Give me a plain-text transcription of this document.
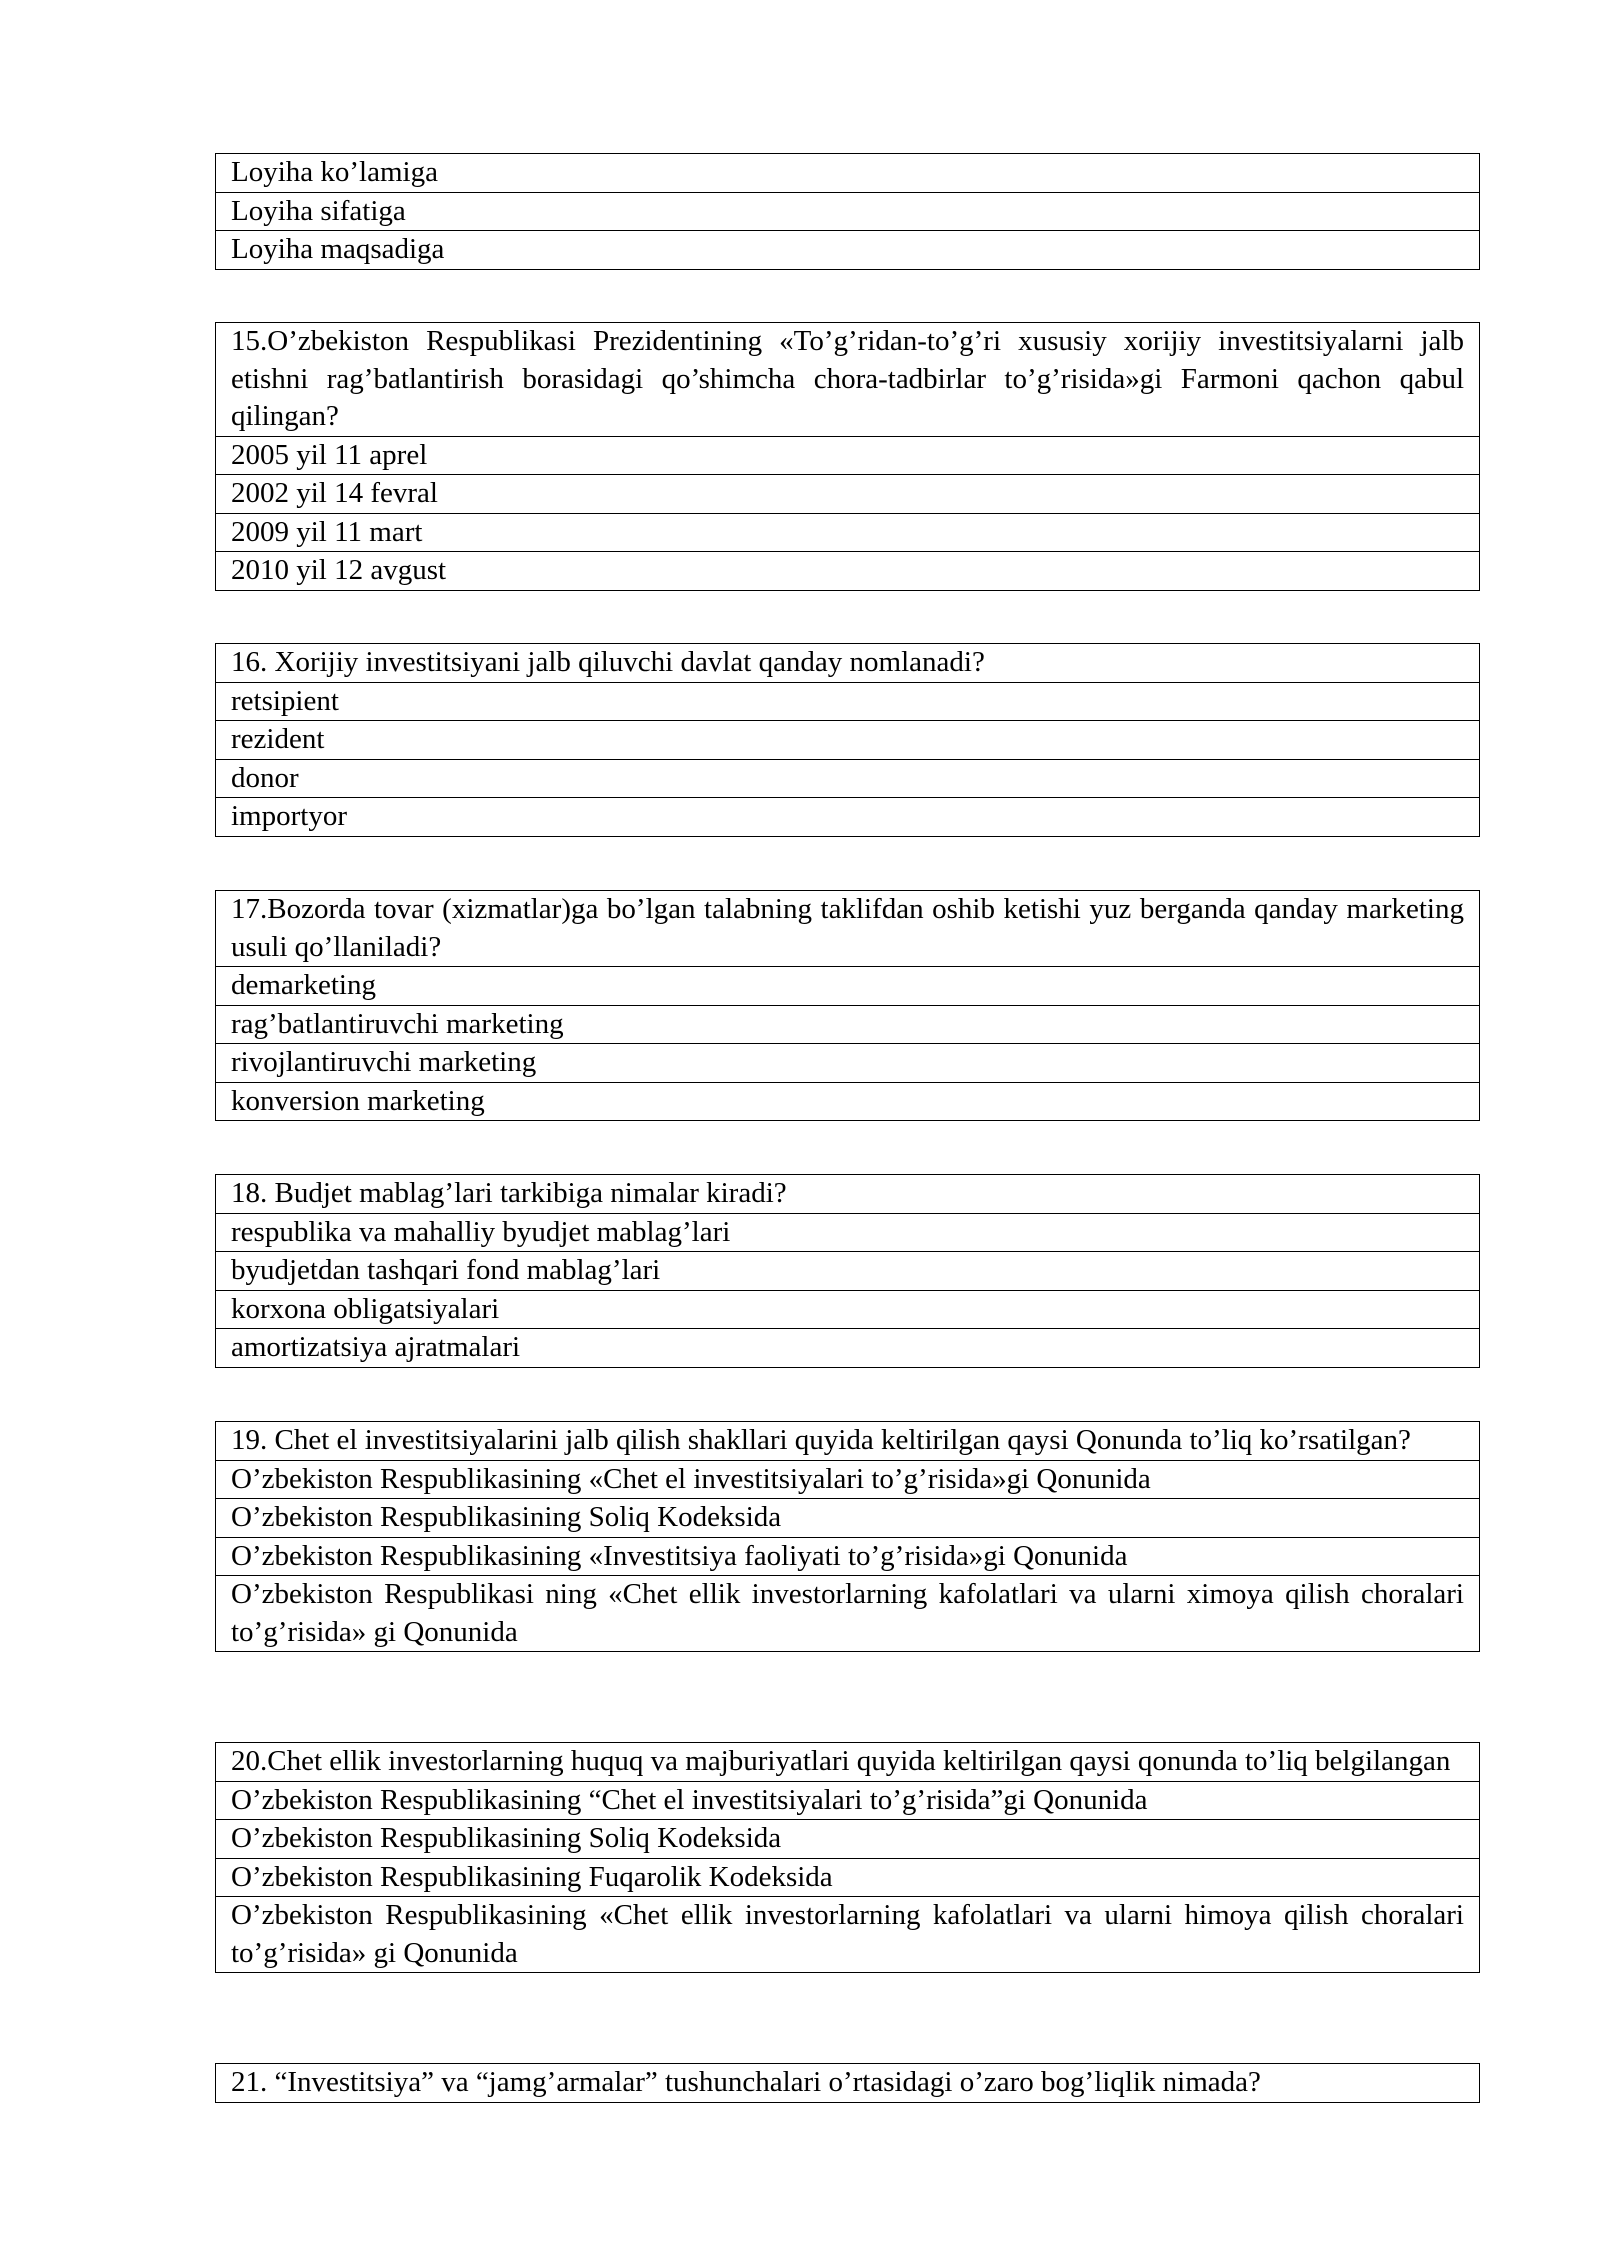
Loyiha ko’lamiga
Loyiha sifatiga
Loyiha maqsadiga
15.O’zbekiston Respublikasi Prezidentining «To’g’ridan-to’g’ri xususiy xorijiy investitsiyalarni jalb etishni rag’batlantirish borasidagi qo’shimcha chora-tadbirlar to’g’risida»gi Farmoni qachon qabul qilingan?
2005 yil 11 aprel
2002 yil 14 fevral
2009 yil 11 mart
2010 yil 12 avgust
16. Xorijiy investitsiyani jalb qiluvchi davlat qanday nomlanadi?
retsipient
rezident
donor
importyor
17.Bozorda tovar (xizmatlar)ga bo’lgan talabning taklifdan oshib ketishi yuz berganda qanday marketing usuli qo’llaniladi?
demarketing
rag’batlantiruvchi marketing
rivojlantiruvchi marketing
konversion marketing
18. Budjet mablag’lari tarkibiga nimalar kiradi?
respublika va mahalliy byudjet mablag’lari
byudjetdan tashqari fond mablag’lari
korxona obligatsiyalari
amortizatsiya ajratmalari
19. Chet el investitsiyalarini jalb qilish shakllari quyida keltirilgan qaysi Qonunda to’liq ko’rsatilgan?
O’zbekiston Respublikasining «Chet el investitsiyalari to’g’risida»gi Qonunida
O’zbekiston Respublikasining Soliq Kodeksida
O’zbekiston Respublikasining «Investitsiya faoliyati to’g’risida»gi Qonunida
O’zbekiston Respublikasi ning «Chet ellik investorlarning kafolatlari va ularni ximoya qilish choralari to’g’risida» gi Qonunida
20.Chet ellik investorlarning huquq va majburiyatlari quyida keltirilgan qaysi qonunda to’liq belgilangan
O’zbekiston Respublikasining “Chet el investitsiyalari to’g’risida”gi Qonunida
O’zbekiston Respublikasining Soliq Kodeksida
O’zbekiston Respublikasining Fuqarolik Kodeksida
O’zbekiston Respublikasining «Chet ellik investorlarning kafolatlari va ularni himoya qilish choralari to’g’risida» gi Qonunida
21. “Investitsiya” va “jamg’armalar” tushunchalari o’rtasidagi o’zaro bog’liqlik nimada?
